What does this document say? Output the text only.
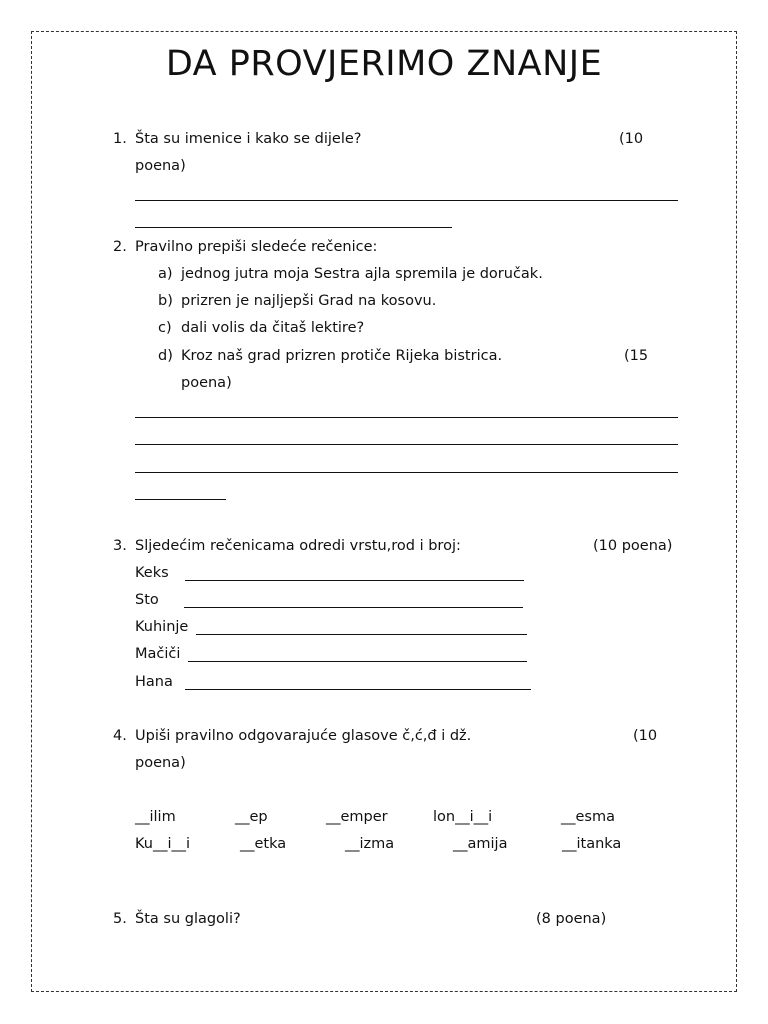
DA PROVJERIMO ZNANJE
1. Šta su imenice i kako se dijele?	(10
poena)
2. Pravilno prepiši sledeće rečenice:
a) jednog jutra moja Sestra ajla spremila je doručak.
b) prizren je najljepši Grad na kosovu.
c) dali volis da čitaš lektire?
d) Kroz naš grad prizren protiče Rijeka bistrica.	(15
poena)
3. Sljedećim rečenicama odredi vrstu,rod i broj:	(10 poena)
Keks
Sto
Kuhinje
Mačiči
Hana
4. Upiši pravilno odgovarajuće glasove č,ć,đ i dž.	(10
poena)
__ilim	__ep	__emper	lon__i__i	__esma
Ku__i__i	__etka	__izma	__amija	__itanka
5. Šta su glagoli?	(8 poena)
